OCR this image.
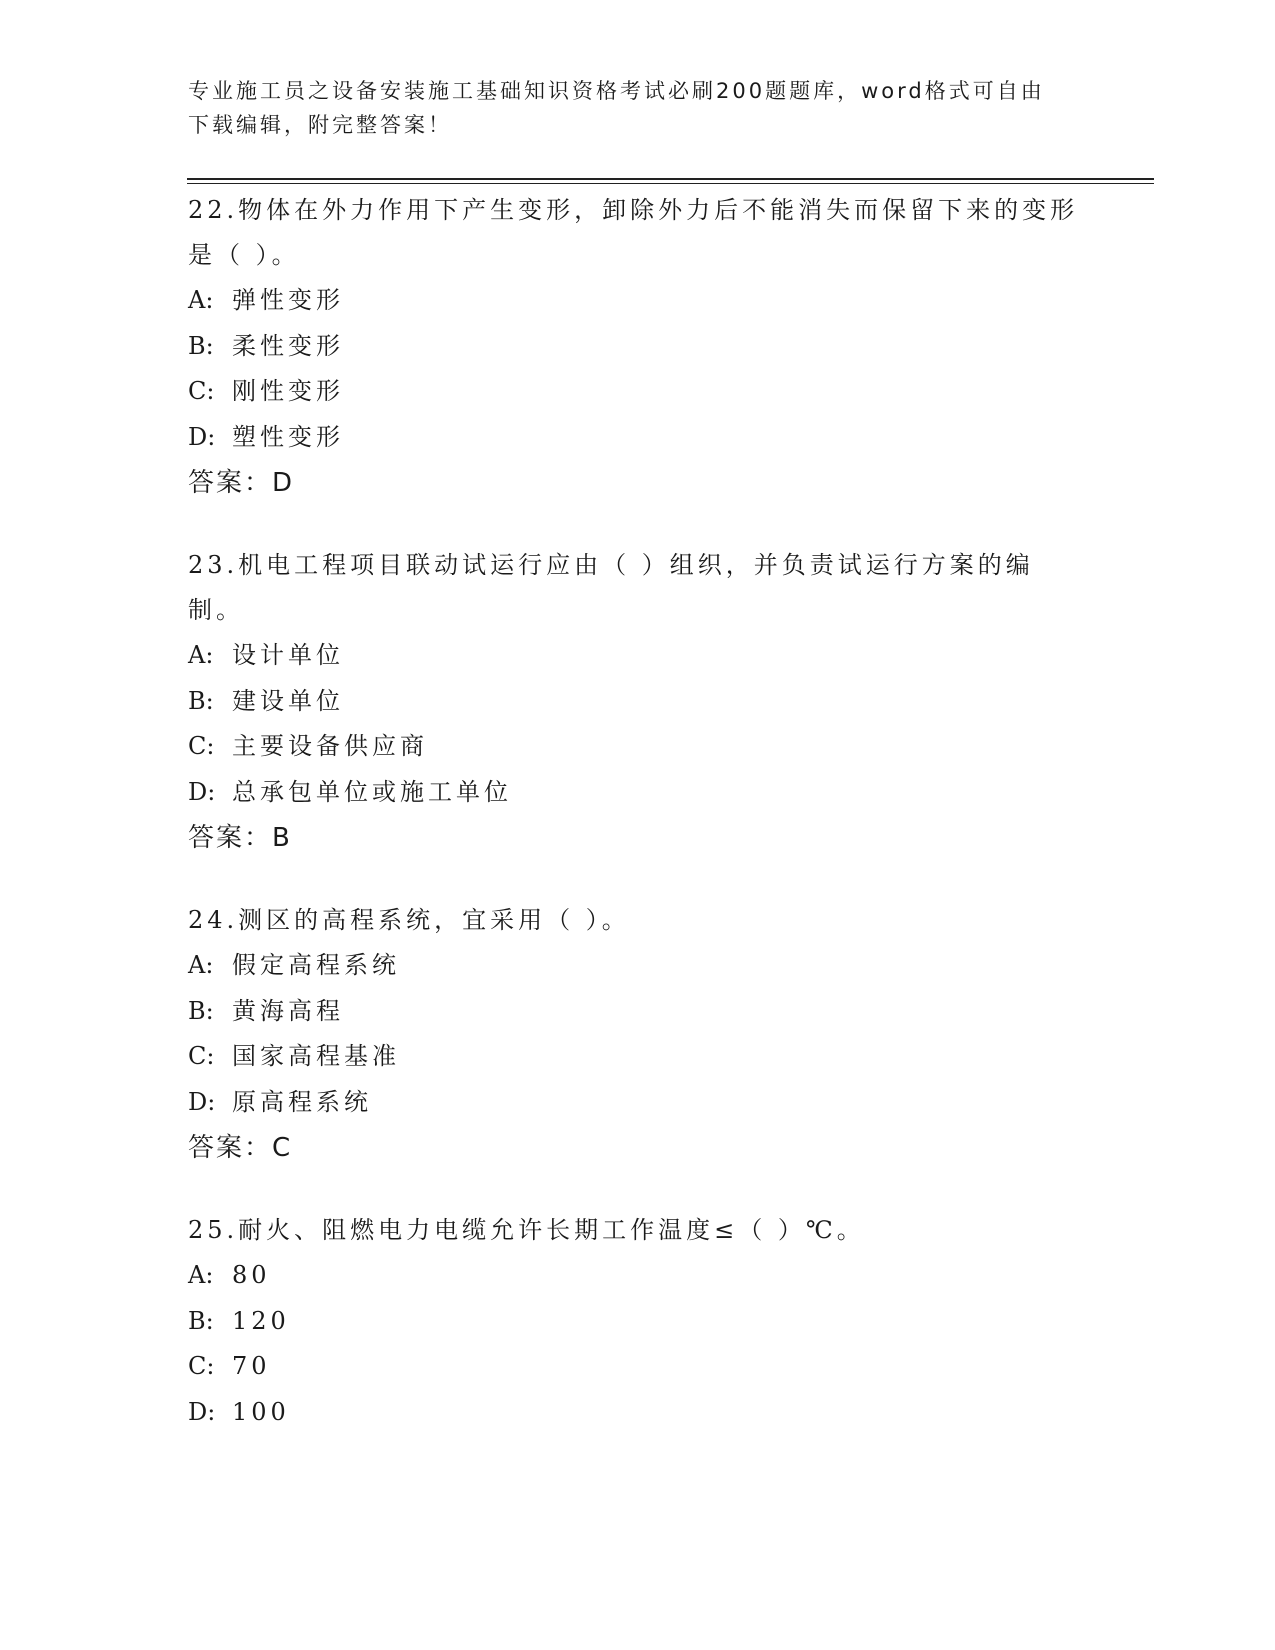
专业施工员之设备安装施工基础知识资格考试必刷200题题库，word格式可自由下载编辑，附完整答案！
22.物体在外力作用下产生变形，卸除外力后不能消失而保留下来的变形是（ ）。
A: 弹性变形
B: 柔性变形
C: 刚性变形
D: 塑性变形
答案：D
23.机电工程项目联动试运行应由（ ）组织，并负责试运行方案的编制。
A: 设计单位
B: 建设单位
C: 主要设备供应商
D: 总承包单位或施工单位
答案：B
24.测区的高程系统，宜采用（ ）。
A: 假定高程系统
B: 黄海高程
C: 国家高程基准
D: 原高程系统
答案：C
25.耐火、阻燃电力电缆允许长期工作温度≤（ ）℃。
A: 80
B: 120
C: 70
D: 100
